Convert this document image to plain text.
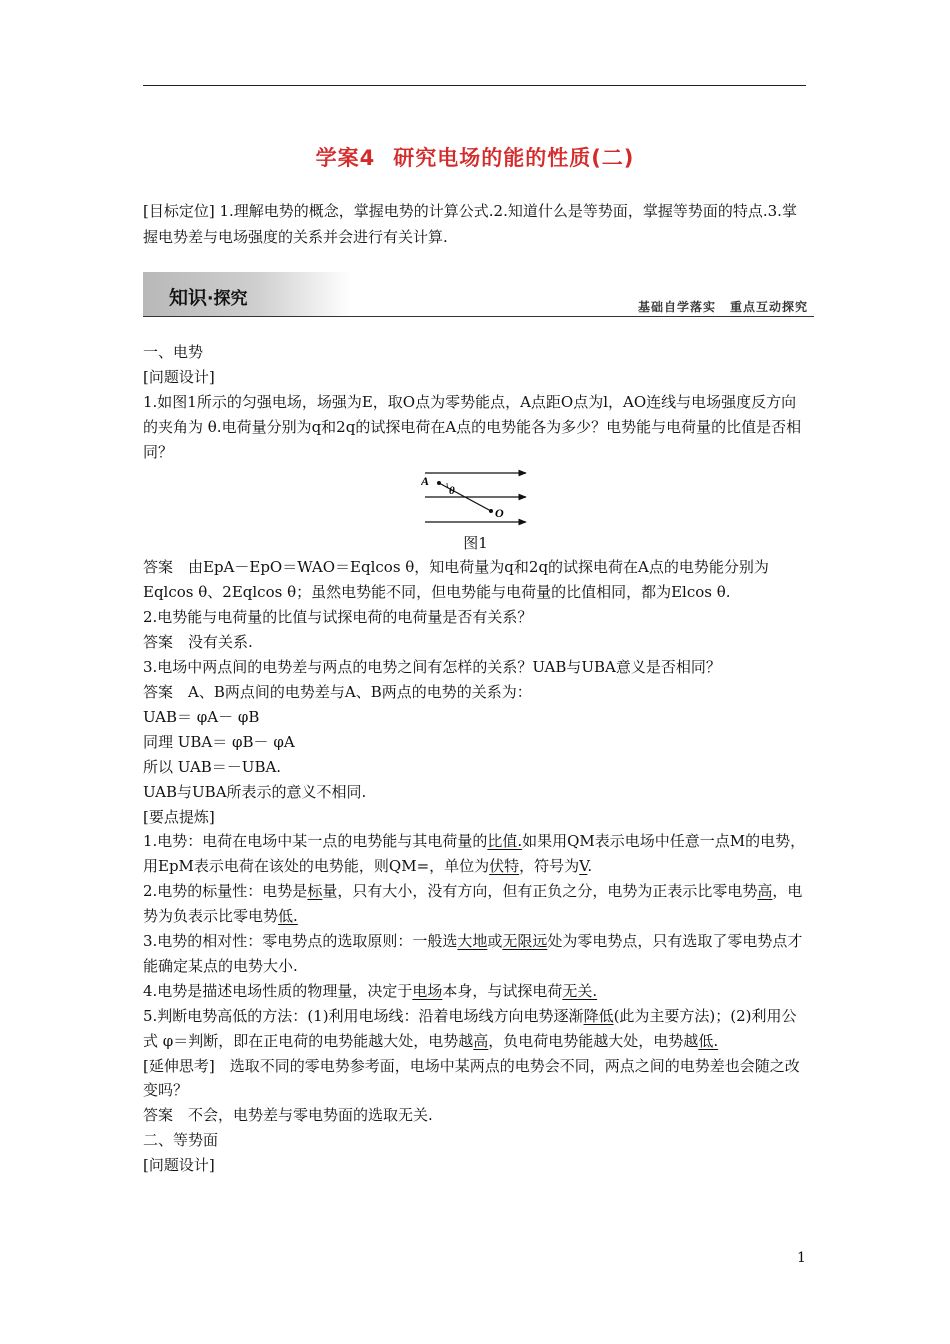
学案4 研究电场的能的性质(二)
[目标定位] 1.理解电势的概念，掌握电势的计算公式.2.知道什么是等势面，掌握等势面的特点.3.掌握电势差与电场强度的关系并会进行有关计算.
知识·探究	基础自学落实 重点互动探究

一、电势

[问题设计]

1.如图1所示的匀强电场，场强为E，取O点为零势能点，A点距O点为l，AO连线与电场强度反方向的夹角为 θ.电荷量分别为q和2q的试探电荷在A点的电势能各为多少？电势能与电荷量的比值是否相同？

A
θ
O

图1

答案　由EpA－EpO＝WAO＝Eqlcos θ，知电荷量为q和2q的试探电荷在A点的电势能分别为Eqlcos θ、2Eqlcos θ；虽然电势能不同，但电势能与电荷量的比值相同，都为Elcos θ.

2.电势能与电荷量的比值与试探电荷的电荷量是否有关系？

答案　没有关系.

3.电场中两点间的电势差与两点的电势之间有怎样的关系？UAB与UBA意义是否相同？

答案　A、B两点间的电势差与A、B两点的电势的关系为：

UAB＝ φA－ φB

同理 UBA＝ φB－ φA

所以 UAB＝－UBA.

UAB与UBA所表示的意义不相同.

[要点提炼]

1.电势：电荷在电场中某一点的电势能与其电荷量的比值.如果用QM表示电场中任意一点M的电势，用EpM表示电荷在该处的电势能，则QM=，单位为伏特，符号为V.

2.电势的标量性：电势是标量，只有大小，没有方向，但有正负之分，电势为正表示比零电势高，电势为负表示比零电势低.

3.电势的相对性：零电势点的选取原则：一般选大地或无限远处为零电势点，只有选取了零电势点才能确定某点的电势大小.

4.电势是描述电场性质的物理量，决定于电场本身，与试探电荷无关.

5.判断电势高低的方法：(1)利用电场线：沿着电场线方向电势逐渐降低(此为主要方法)；(2)利用公式 φ＝判断，即在正电荷的电势能越大处，电势越高，负电荷电势能越大处，电势越低.

[延伸思考]　选取不同的零电势参考面，电场中某两点的电势会不同，两点之间的电势差也会随之改变吗？

答案　不会，电势差与零电势面的选取无关.

二、等势面

[问题设计]

1
